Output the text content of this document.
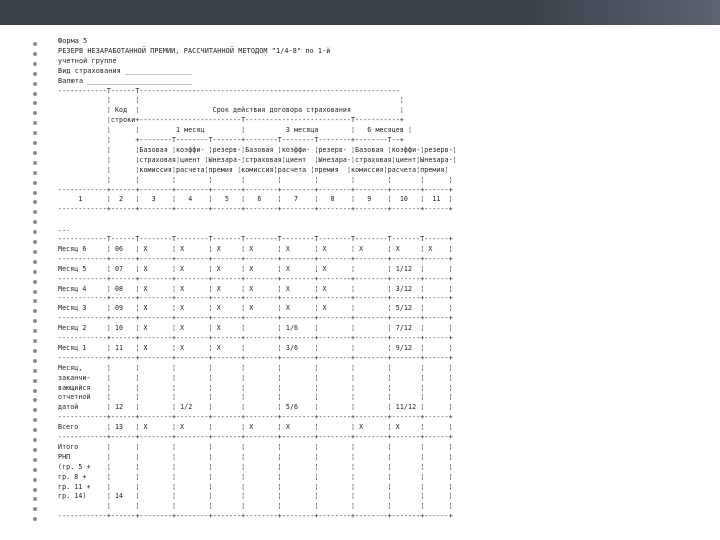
Форма 5
РЕЗЕРВ НЕЗАРАБОТАННОЙ ПРЕМИИ, РАССЧИТАННОЙ МЕТОДОМ "1/4-8" по 1-й
учетной группе
Вид страхования ________________
Валюта _________________________
------------T------T----------------------------------------------------------------
¦      ¦                                                                ¦
¦ Код  ¦                  Срок действия договора страхования            ¦
¦строки+-------------------------T--------------------------T-----------+
¦      ¦         1 месяц         ¦          3 месяца        ¦   6 месяцев ¦
¦      +--------T--------T-------+--------T--------T--------+--------T--+
¦      ¦Базовая ¦коэффи- ¦резерв-¦Базовая ¦коэффи- ¦резерв- ¦Базовая ¦коэффи-¦резерв-¦
¦      ¦страховая¦циент ¦Ынезара-¦страховая¦циент  ¦Ынезара-¦страховая¦циент¦Ынезара-¦
¦      ¦комиссия¦расчета¦премия ¦комиссия¦расчета ¦премия  ¦комиссия¦расчета¦премия¦
¦      ¦        ¦        ¦       ¦        ¦        ¦        ¦        ¦       ¦      ¦
------------+------+--------+--------+-------+--------+--------+--------+--------+-------+------+
1      ¦  2   ¦   3    ¦   4    ¦   5   ¦   6    ¦   7    ¦   8    ¦   9    ¦  10   ¦  11  ¦
------------+------+--------+--------+-------+--------+--------+--------+--------+-------+------+
...
------------T------T--------T--------T-------T--------T--------T--------T--------T-------T------+
Месяц 6     ¦ 06   ¦ X      ¦ X      ¦ X     ¦ X      ¦ X      ¦ X      ¦ X      ¦ X     ¦ X    ¦
------------+------+--------+--------+-------+--------+--------+--------+--------+-------+------+
Месяц 5     ¦ 07   ¦ X      ¦ X      ¦ X     ¦ X      ¦ X      ¦ X      ¦        ¦ 1/12  ¦      ¦
------------+------+--------+--------+-------+--------+--------+--------+--------+-------+------+
Месяц 4     ¦ 08   ¦ X      ¦ X      ¦ X     ¦ X      ¦ X      ¦ X      ¦        ¦ 3/12  ¦      ¦
------------+------+--------+--------+-------+--------+--------+--------+--------+-------+------+
Месяц 3     ¦ 09   ¦ X      ¦ X      ¦ X     ¦ X      ¦ X      ¦ X      ¦        ¦ 5/12  ¦      ¦
------------+------+--------+--------+-------+--------+--------+--------+--------+-------+------+
Месяц 2     ¦ 10   ¦ X      ¦ X      ¦ X     ¦        ¦ 1/6    ¦        ¦        ¦ 7/12  ¦      ¦
------------+------+--------+--------+-------+--------+--------+--------+--------+-------+------+
Месяц 1     ¦ 11   ¦ X      ¦ X      ¦ X     ¦        ¦ 3/6    ¦        ¦        ¦ 9/12  ¦      ¦
------------+------+--------+--------+-------+--------+--------+--------+--------+-------+------+
Месяц,      ¦      ¦        ¦        ¦       ¦        ¦        ¦        ¦        ¦       ¦      ¦
заканчи-    ¦      ¦        ¦        ¦       ¦        ¦        ¦        ¦        ¦       ¦      ¦
вающийся    ¦      ¦        ¦        ¦       ¦        ¦        ¦        ¦        ¦       ¦      ¦
отчетной    ¦      ¦        ¦        ¦       ¦        ¦        ¦        ¦        ¦       ¦      ¦
датой       ¦ 12   ¦        ¦ 1/2    ¦       ¦        ¦ 5/6    ¦        ¦        ¦ 11/12 ¦      ¦
------------+------+--------+--------+-------+--------+--------+--------+--------+-------+------+
Всего       ¦ 13   ¦ X      ¦ X      ¦       ¦ X      ¦ X      ¦        ¦ X      ¦ X     ¦      ¦
------------+------+--------+--------+-------+--------+--------+--------+--------+-------+------+
Итого       ¦      ¦        ¦        ¦       ¦        ¦        ¦        ¦        ¦       ¦      ¦
РНП         ¦      ¦        ¦        ¦       ¦        ¦        ¦        ¦        ¦       ¦      ¦
(гр. 5 +    ¦      ¦        ¦        ¦       ¦        ¦        ¦        ¦        ¦       ¦      ¦
гр. 8 +     ¦      ¦        ¦        ¦       ¦        ¦        ¦        ¦        ¦       ¦      ¦
гр. 11 +    ¦      ¦        ¦        ¦       ¦        ¦        ¦        ¦        ¦       ¦      ¦
гр. 14)     ¦ 14   ¦        ¦        ¦       ¦        ¦        ¦        ¦        ¦       ¦      ¦
¦      ¦        ¦        ¦       ¦        ¦        ¦        ¦        ¦       ¦      ¦
------------+------+--------+--------+-------+--------+--------+--------+--------+-------+------+
